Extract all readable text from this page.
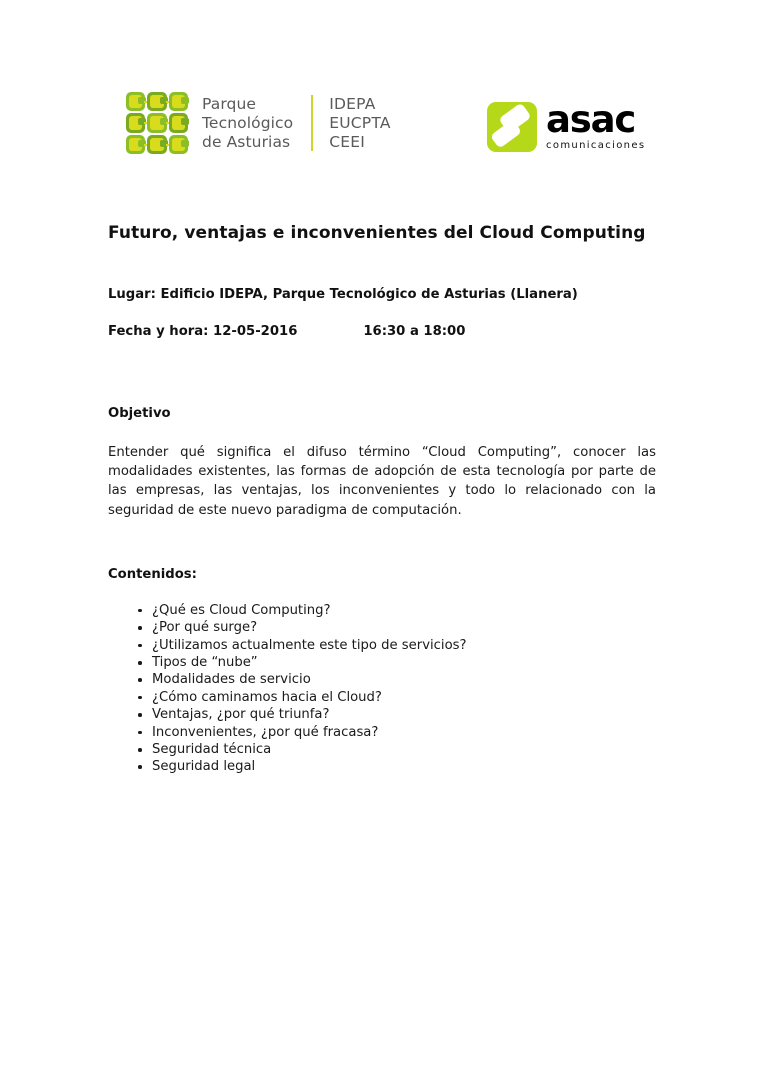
Parque
Tecnológico
de Asturias
IDEPA
EUCPTA
CEEI
asac
comunicaciones
Futuro, ventajas e inconvenientes del Cloud Computing

Lugar: Edificio IDEPA, Parque Tecnológico de Asturias (Llanera)

Fecha y hora: 12-05-2016	16:30 a 18:00

Objetivo

Entender qué significa el difuso término “Cloud Computing”, conocer las modalidades existentes, las formas de adopción de esta tecnología por parte de las empresas, las ventajas, los inconvenientes y todo lo relacionado con la seguridad de este nuevo paradigma de computación.

Contenidos:
¿Qué es Cloud Computing?
¿Por qué surge?
¿Utilizamos actualmente este tipo de servicios?
Tipos de “nube”
Modalidades de servicio
¿Cómo caminamos hacia el Cloud?
Ventajas, ¿por qué triunfa?
Inconvenientes, ¿por qué fracasa?
Seguridad técnica
Seguridad legal
